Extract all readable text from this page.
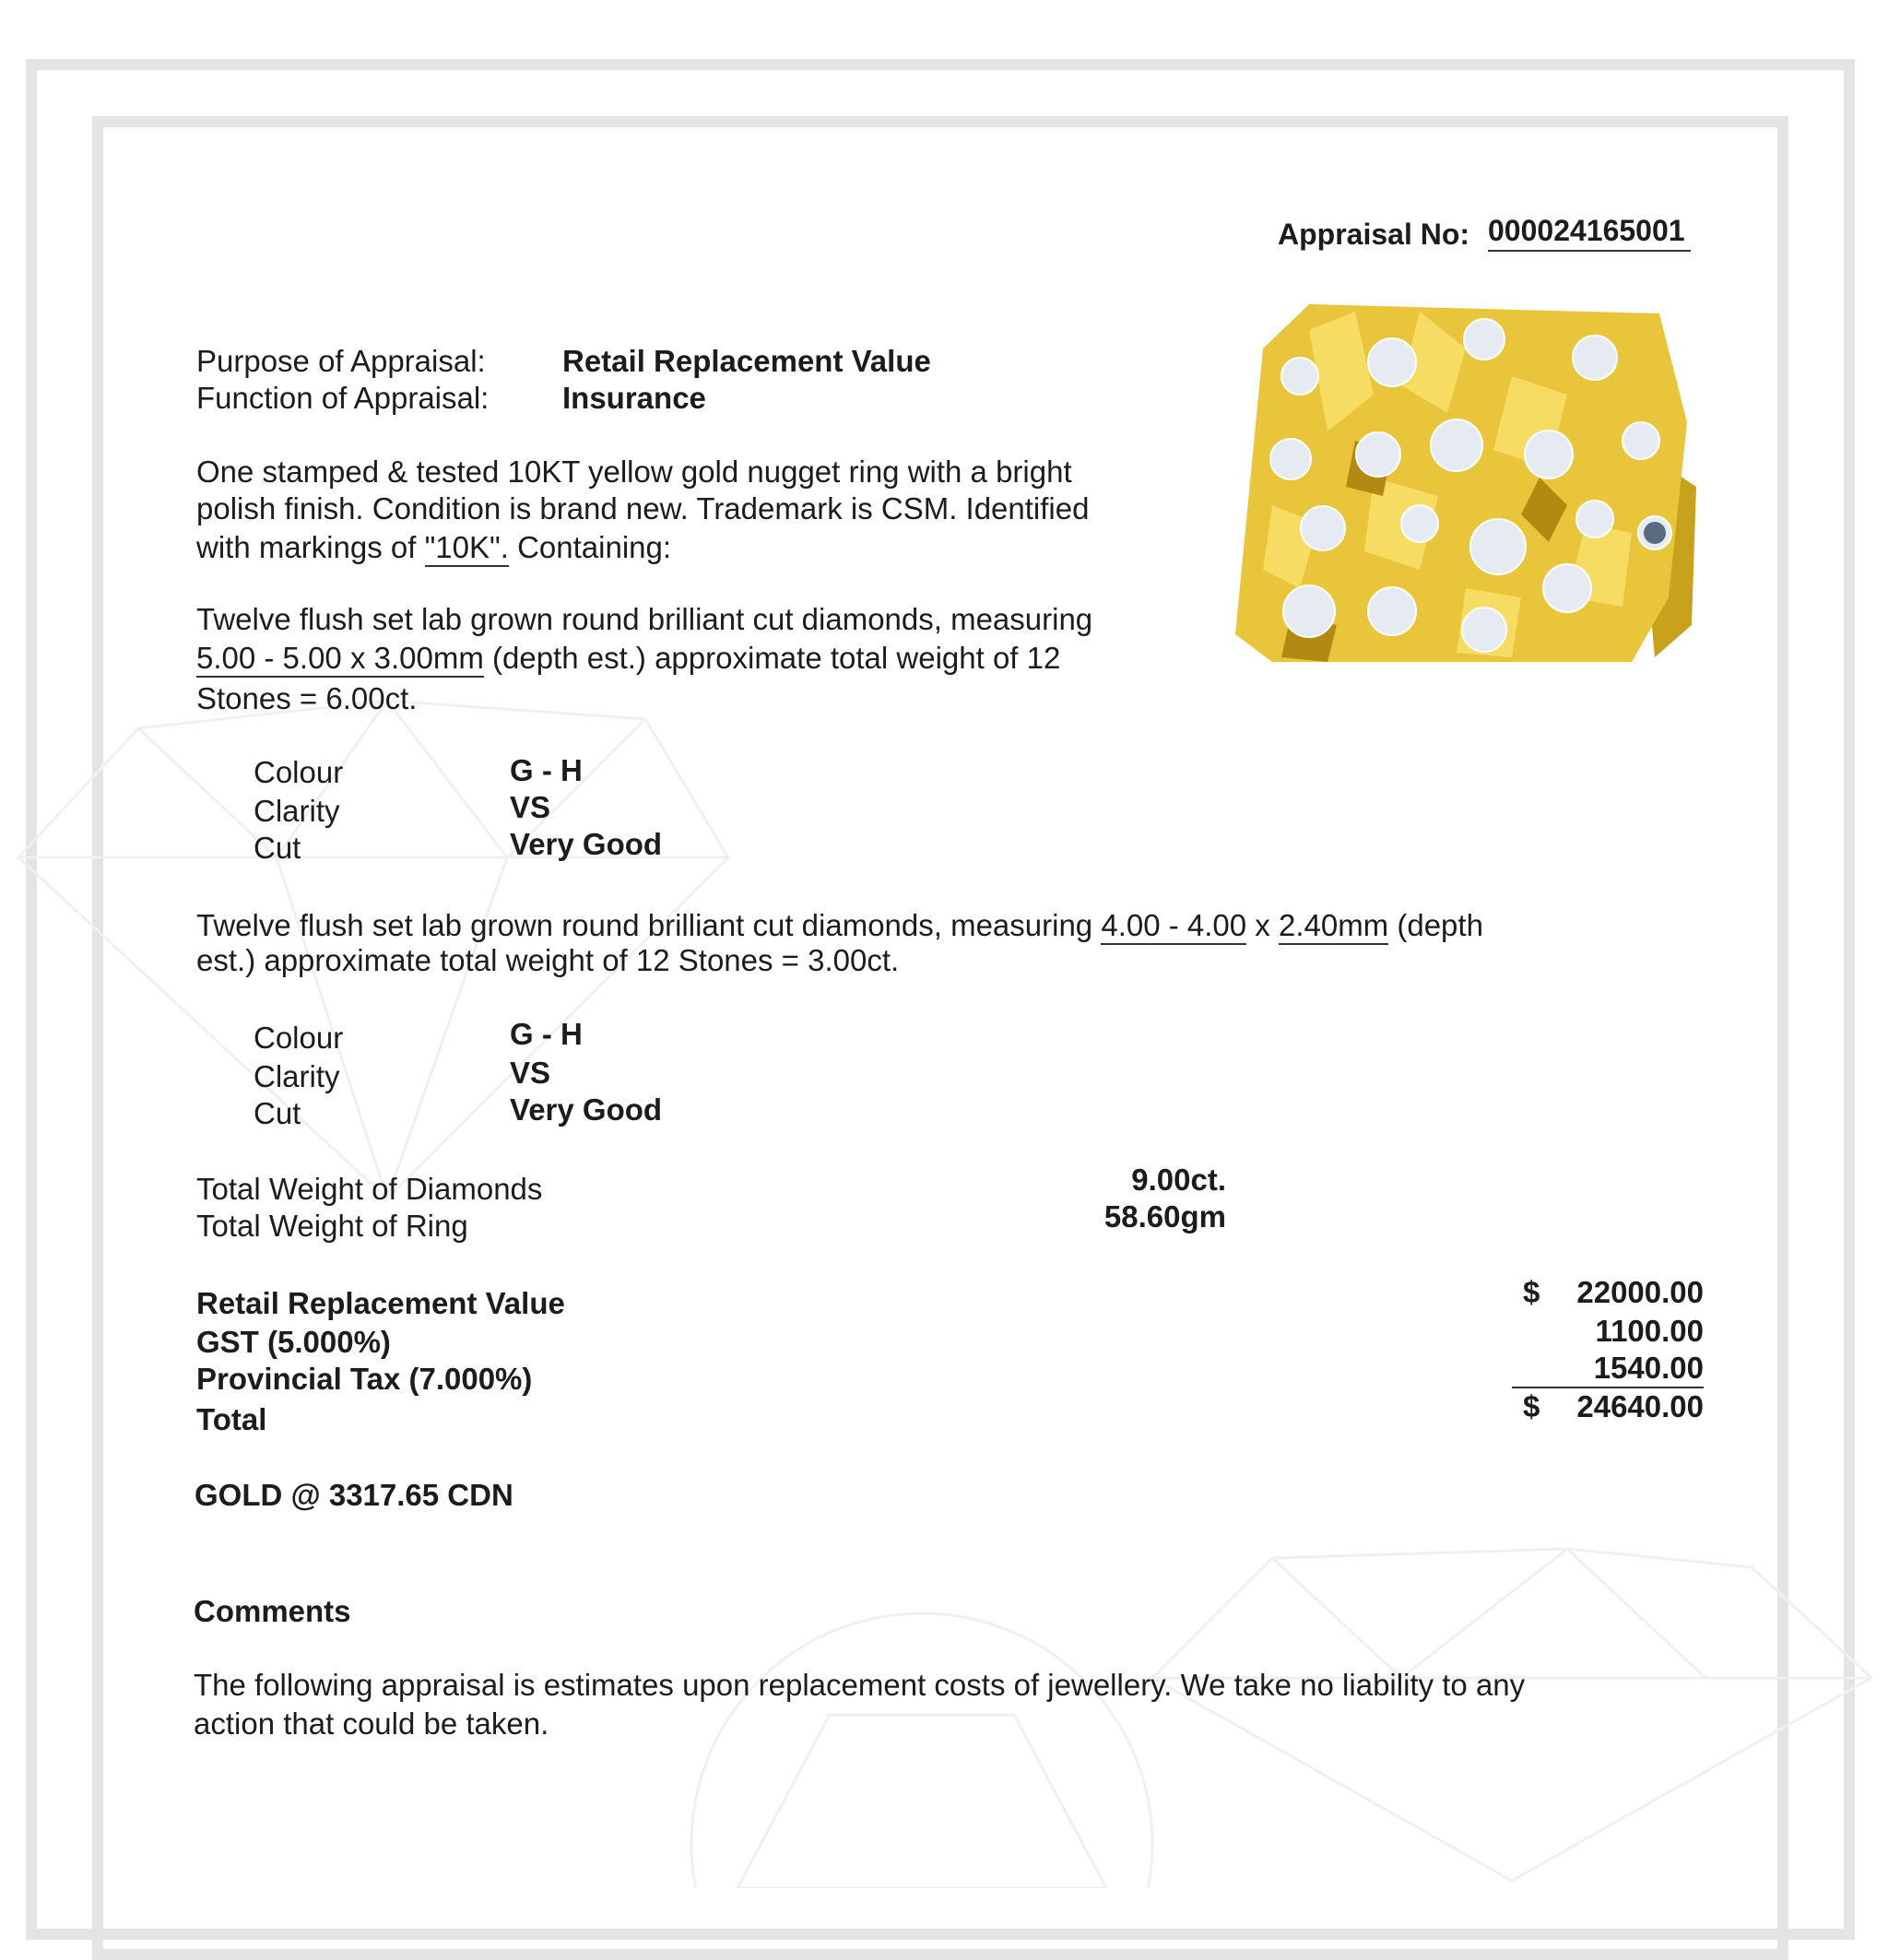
Appraisal No: 000024165001
Purpose of Appraisal:	Retail Replacement Value
Function of Appraisal: Insurance
One stamped & tested 10KT yellow gold nugget ring with a bright
polish finish. Condition is brand new. Trademark is CSM. Identified
with markings of "10K". Containing:
Twelve flush set lab grown round brilliant cut diamonds, measuring
5.00 - 5.00 x 3.00mm (depth est.) approximate total weight of 12
Stones = 6.00ct.
Colour	G - H
Clarity	VS
Cut	Very Good
Twelve flush set lab grown round brilliant cut diamonds, measuring 4.00 - 4.00 x 2.40mm (depth
est.) approximate total weight of 12 Stones = 3.00ct.
Colour	G - H
Clarity	VS
Cut	Very Good
Total Weight of Diamonds	9.00ct.
Total Weight of Ring	58.60gm
Retail Replacement Value	$	22000.00
GST (5.000%)	1100.00
Provincial Tax (7.000%)	1540.00
Total	$	24640.00
GOLD @ 3317.65 CDN
Comments
The following appraisal is estimates upon replacement costs of jewellery. We take no liability to any
action that could be taken.
